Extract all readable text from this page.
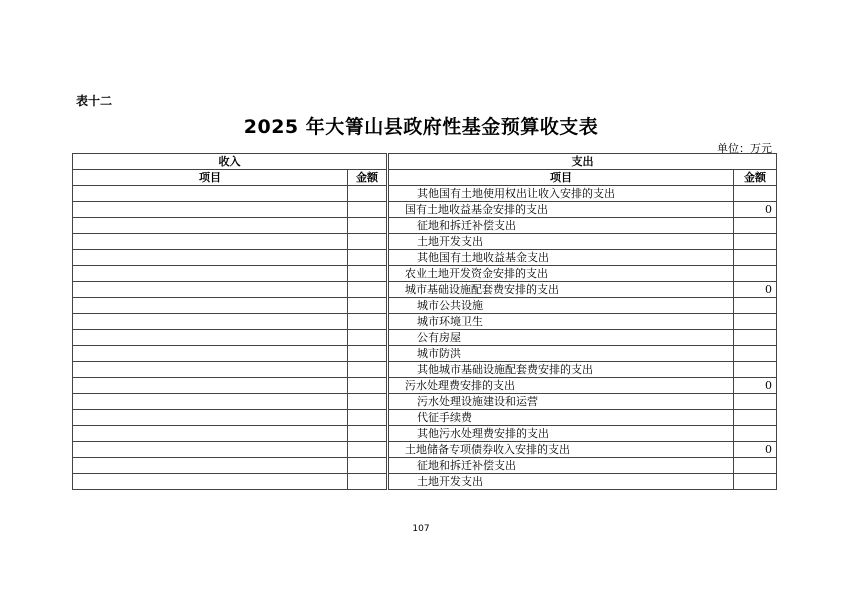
表十二
2025 年大箐山县政府性基金预算收支表
单位：万元
收入		支出	
项目	金额	项目	金额
		其他国有土地使用权出让收入安排的支出	
		国有土地收益基金安排的支出	0
		征地和拆迁补偿支出	
		土地开发支出	
		其他国有土地收益基金支出	
		农业土地开发资金安排的支出	
		城市基础设施配套费安排的支出	0
		城市公共设施	
		城市环境卫生	
		公有房屋	
		城市防洪	
		其他城市基础设施配套费安排的支出	
		污水处理费安排的支出	0
		污水处理设施建设和运营	
		代征手续费	
		其他污水处理费安排的支出	
		土地储备专项债券收入安排的支出	0
		征地和拆迁补偿支出	
		土地开发支出	
107
